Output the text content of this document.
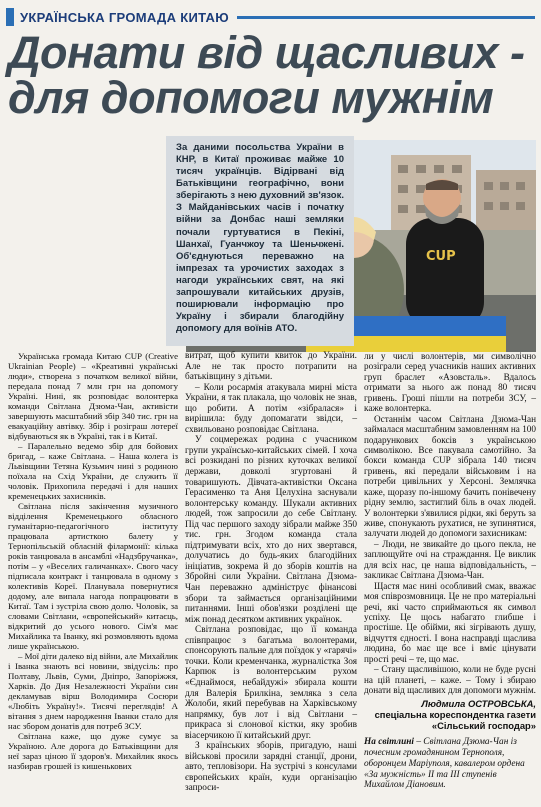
УКРАЇНСЬКА ГРОМАДА КИТАЮ
Донати від щасливих -
для допомоги мужнім
CUP
За даними посольства України в КНР, в Китаї проживає майже 10 тисяч українців. Відірвані від Батьківщини географічно, вони зберігають з нею духовний зв'язок. З Майданівських часів і початку війни за Донбас наші земляки почали гуртуватися в Пекіні, Шанхаї, Гуанчжоу та Шеньчжені. Об'єднуються переважно на імпрезах та урочистих заходах з нагоди українських свят, на які запрошували китайських друзів, поширювали інформацію про Україну і збирали благодійну допомогу для воїнів АТО.

Українська громада Китаю CUP (Creative Ukrainian People) – «Креативні українські люди», створена з початком великої війни, передала понад 7 млн грн на допомогу Україні. Нині, як розповідає волонтерка команди Світлана Дзюма-Чан, активісти завершують масштабний збір 340 тис. грн на евакуаційну автівку. Збір і розіграш лотереї відбуваються як в Україні, так і в Китаї.

– Паралельно ведемо збір для бойових бригад, – каже Світлана. – Наша колега із Львівщини Тетяна Кузьмич нині з родиною поїхала на Схід України, де служить її чоловік. Прихопила передачі і для наших кременецьких захисників.

Світлана після закінчення музичного відділення Кременецького обласного гуманітарно-педагогічного інституту працювала артисткою балету у Тернопільській обласній філармонії: кілька років танцювала в ансамблі «Надзбручанка», потім – у «Веселих галичанках». Свого часу підписала контракт і танцювала в одному з колективів Кореї. Планувала повернутися додому, але випала нагода попрацювати в Китаї. Там і зустріла свою долю. Чоловік, за словами Світлани, «європейський» китаєць, відкритий до усього нового. Сім'я має Михайлика та Іванку, які розмовляють вдома лише українською.

– Мої діти далеко від війни, але Михайлик і Іванка знають всі новини, звідусіль: про Полтаву, Львів, Суми, Дніпро, Запоріжжя, Харків. До Дня Незалежності України син декламував вірш Володимира Сосюри «Любіть Україну!». Тисячі переглядів! А вітання з днем народження Іванки стало для нас збором донатів для потреб ЗСУ.

Світлана каже, що дуже сумує за Україною. Але дорога до Батьківщини для неї зараз ціною її здоров'я. Михайлик якось назбирав грошей із кишенькових

витрат, щоб купити квиток до України. Але не так просто потрапити на батьківщину з дітьми.

– Коли росармія атакувала мирні міста України, я так плакала, що чоловік не знав, що робити. А потім «зібралася» і вирішила: буду допомагати звідси, – схвильовано розповідає Світлана.

У соцмережах родина с учасником групи українсько-китайських сімей. І хоча всі розкидані по різних куточках великої держави, довколі згуртовані й товаришують. Дівчата-активістки Оксана Герасименко та Аня Целухіна заснували волонтерську команду. Шукали активних людей, тож запросили до себе Світлану. Під час першого заходу зібрали майже 350 тис. грн. Згодом команда стала підтримувати всіх, хто до них звертався, долучатись до будь-яких благодійних ініціатив, зокрема й до зборів коштів на Збройні сили України. Світлана Дзюма-Чан переважно адмініструє фінансові збори та займається організаційними питаннями. Інші обов'язки розділені ще між понад десятком активних українок.

Світлана розповідає, що її команда співпрацює з багатьма волонтерами, спонсорують пальне для поїздок у «гарячі» точки. Коли кременчанка, журналістка Зоя Карпюк із волонтерським рухом «Єднаймося, небайдужі» збирала кошти для Валерія Брилкіна, землякa з села Жолоби, який перебував на Харківському напрямку, був лот і від Світлани – прикраса зі слонової кістки, яку зробив віасерчикою її китайський друг.

З країнських зборів, пригадую, наші військові просили зарядні станції, дрони, авто, тепловізори. На зустрічі з консулами європейських країн, куди організацію запроси-

ли у числі волонтерів, ми символічно розіграли серед учасників наших активних груп браслет «Азовсталь». Вдалось отримати за нього аж понад 80 тисяч гривень. Гроші пішли на потреби ЗСУ, – каже волонтерка.

Останнім часом Світлана Дзюма-Чан займалася масштабним замовленням на 100 подарункових боксів з українською символікою. Все пакувала самотійно. За бокси команда CUP зібрала 140 тисяч гривень, які передали військовим і на потреби цивільних у Херсоні. Землячка каже, щоразу по-іншому бачить понівечену рідну землю, застиглий біль в очах людей. У волонтерки з'явилися рідки, які беруть за живе, спонукають рухатися, не зупинятися, залучати людей до допомоги захисникам:

– Люди, не звикайте до цього пекла, не заплющуйте очі на страждання. Це виклик для всіх нас, це наша відповідальність, – закликає Світлана Дзюма-Чан.

Щастя має нині особливий смак, вважає моя співрозмовниця. Це не про матеріальні речі, які часто сприймаються як символ успіху. Це щось набагато глибше і простіше. Це обійми, які зігрівають душу, відчуття єдності. І вона насправді щаслива людина, бо має ще все і вміє цінувати прості речі – те, що має.

– Стану щасливішою, коли не буде русні на цій планеті, – каже. – Тому і збираю донати від щасливих для допомоги мужнім.

Людмила ОСТРОВСЬКА,
спеціальна кореспондентка газети
«Сільський господар»
На світлині – Світлана Дзюма-Чан із почесним громадянином Тернополя, оборонцем Маріуполя, кавалером ордена «За мужність» ІІ та ІІІ ступенів Михайлом Діановим.
